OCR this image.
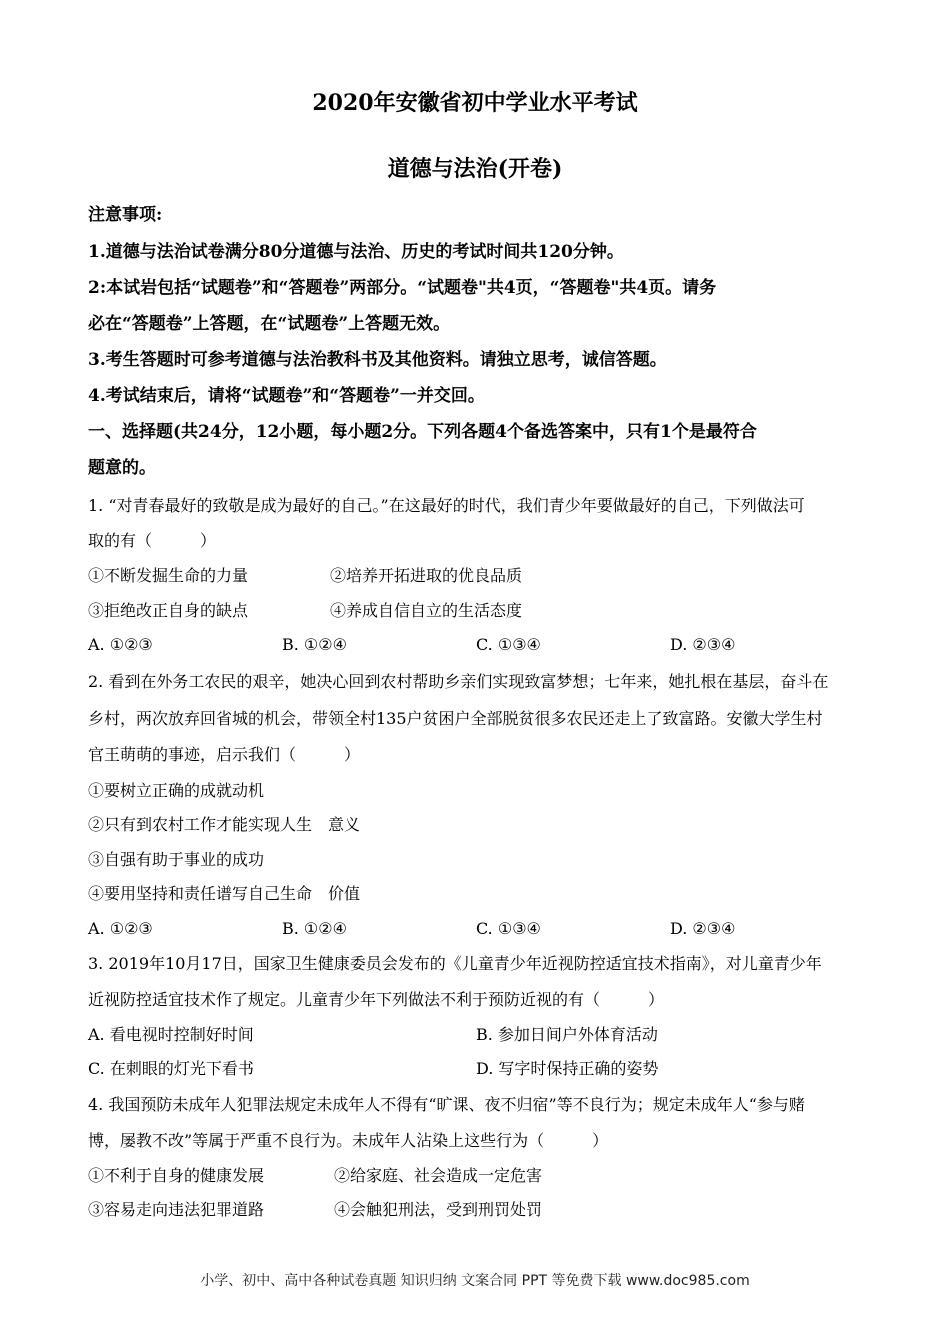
2020年安徽省初中学业水平考试
道德与法治(开卷)
注意事项:
1.道德与法治试卷满分80分道德与法治、历史的考试时间共120分钟。
2:本试岩包括“试题卷”和“答题卷”两部分。“试题卷"共4页，“答题卷"共4页。请务
必在“答题卷”上答题，在“试题卷”上答题无效。
3.考生答题时可参考道德与法治教科书及其他资料。请独立思考，诚信答题。
4.考试结束后，请将“试题卷”和“答题卷”一并交回。
一、选择题(共24分，12小题，每小题2分。下列各题4个备选答案中，只有1个是最符合
题意的。
1. “对青春最好的致敬是成为最好的自己。”在这最好的时代，我们青少年要做最好的自己，下列做法可
取的有（　　　）
①不断发掘生命的力量	②培养开拓进取的优良品质
③拒绝改正自身的缺点	④养成自信自立的生活态度
A. ①②③	B. ①②④	C. ①③④	D. ②③④
2. 看到在外务工农民的艰辛，她决心回到农村帮助乡亲们实现致富梦想；七年来，她扎根在基层，奋斗在
乡村，两次放弃回省城的机会，带领全村135户贫困户全部脱贫很多农民还走上了致富路。安徽大学生村
官王萌萌的事迹，启示我们（　　　）
①要树立正确的成就动机
②只有到农村工作才能实现人生　意义
③自强有助于事业的成功
④要用坚持和责任谱写自己生命　价值
A. ①②③	B. ①②④	C. ①③④	D. ②③④
3. 2019年10月17日，国家卫生健康委员会发布的《儿童青少年近视防控适宜技术指南》，对儿童青少年
近视防控适宜技术作了规定。儿童青少年下列做法不利于预防近视的有（　　　）
A. 看电视时控制好时间	B. 参加日间户外体育活动
C. 在刺眼的灯光下看书	D. 写字时保持正确的姿势
4. 我国预防未成年人犯罪法规定未成年人不得有“旷课、夜不归宿”等不良行为；规定未成年人“参与赌
博，屡教不改”等属于严重不良行为。未成年人沾染上这些行为（　　　）
①不利于自身的健康发展	②给家庭、社会造成一定危害
③容易走向违法犯罪道路	④会触犯刑法，受到刑罚处罚
小学、初中、高中各种试卷真题 知识归纳 文案合同 PPT 等免费下载 www.doc985.com
